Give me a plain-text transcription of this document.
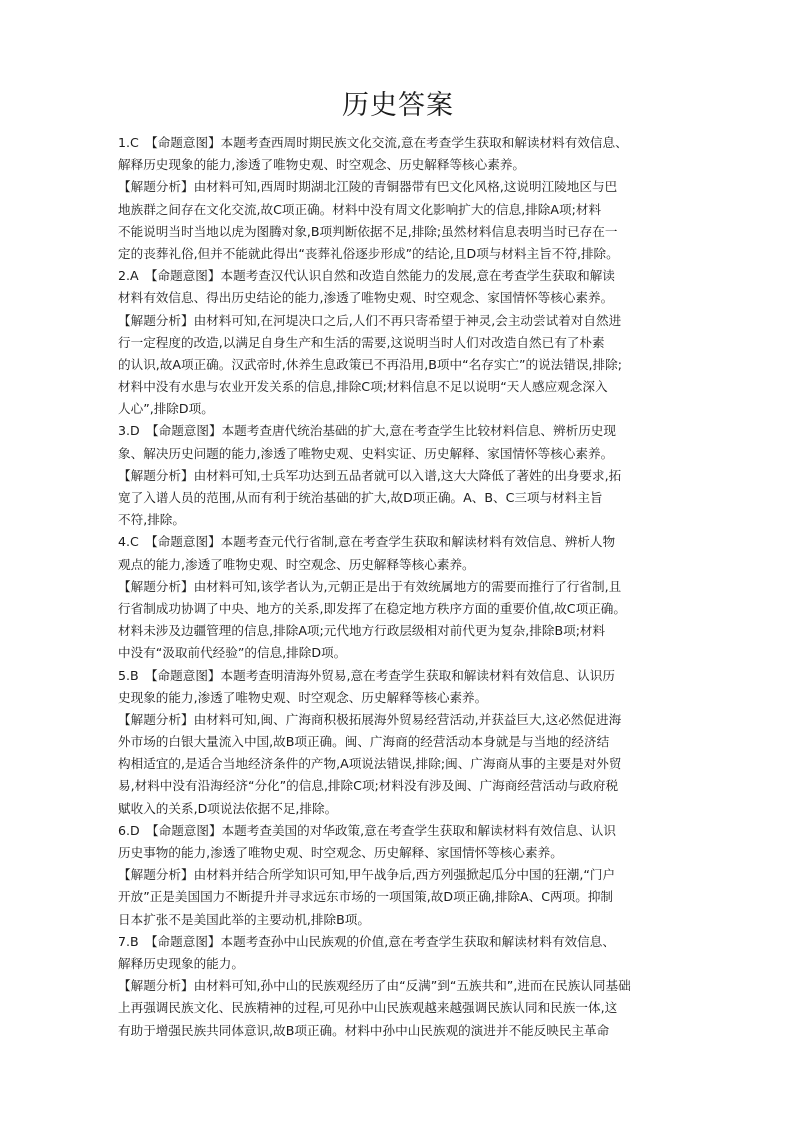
历史答案
1.C　【命题意图】本题考查西周时期民族文化交流,意在考查学生获取和解读材料有效信息、
解释历史现象的能力,渗透了唯物史观、时空观念、历史解释等核心素养。
【解题分析】由材料可知,西周时期湖北江陵的青铜器带有巴文化风格,这说明江陵地区与巴
地族群之间存在文化交流,故C项正确。材料中没有周文化影响扩大的信息,排除A项;材料
不能说明当时当地以虎为图腾对象,B项判断依据不足,排除;虽然材料信息表明当时已存在一
定的丧葬礼俗,但并不能就此得出“丧葬礼俗逐步形成”的结论,且D项与材料主旨不符,排除。
2.A　【命题意图】本题考查汉代认识自然和改造自然能力的发展,意在考查学生获取和解读
材料有效信息、得出历史结论的能力,渗透了唯物史观、时空观念、家国情怀等核心素养。
【解题分析】由材料可知,在河堤决口之后,人们不再只寄希望于神灵,会主动尝试着对自然进
行一定程度的改造,以满足自身生产和生活的需要,这说明当时人们对改造自然已有了朴素
的认识,故A项正确。汉武帝时,休养生息政策已不再沿用,B项中“名存实亡”的说法错误,排除;
材料中没有水患与农业开发关系的信息,排除C项;材料信息不足以说明“天人感应观念深入
人心”,排除D项。
3.D　【命题意图】本题考查唐代统治基础的扩大,意在考查学生比较材料信息、辨析历史现
象、解决历史问题的能力,渗透了唯物史观、史料实证、历史解释、家国情怀等核心素养。
【解题分析】由材料可知,士兵军功达到五品者就可以入谱,这大大降低了著姓的出身要求,拓
宽了入谱人员的范围,从而有利于统治基础的扩大,故D项正确。A、B、C三项与材料主旨
不符,排除。
4.C　【命题意图】本题考查元代行省制,意在考查学生获取和解读材料有效信息、辨析人物
观点的能力,渗透了唯物史观、时空观念、历史解释等核心素养。
【解题分析】由材料可知,该学者认为,元朝正是出于有效统属地方的需要而推行了行省制,且
行省制成功协调了中央、地方的关系,即发挥了在稳定地方秩序方面的重要价值,故C项正确。
材料未涉及边疆管理的信息,排除A项;元代地方行政层级相对前代更为复杂,排除B项;材料
中没有“汲取前代经验”的信息,排除D项。
5.B　【命题意图】本题考查明清海外贸易,意在考查学生获取和解读材料有效信息、认识历
史现象的能力,渗透了唯物史观、时空观念、历史解释等核心素养。
【解题分析】由材料可知,闽、广海商积极拓展海外贸易经营活动,并获益巨大,这必然促进海
外市场的白银大量流入中国,故B项正确。闽、广海商的经营活动本身就是与当地的经济结
构相适宜的,是适合当地经济条件的产物,A项说法错误,排除;闽、广海商从事的主要是对外贸
易,材料中没有沿海经济“分化”的信息,排除C项;材料没有涉及闽、广海商经营活动与政府税
赋收入的关系,D项说法依据不足,排除。
6.D　【命题意图】本题考查美国的对华政策,意在考查学生获取和解读材料有效信息、认识
历史事物的能力,渗透了唯物史观、时空观念、历史解释、家国情怀等核心素养。
【解题分析】由材料并结合所学知识可知,甲午战争后,西方列强掀起瓜分中国的狂潮,“门户
开放”正是美国国力不断提升并寻求远东市场的一项国策,故D项正确,排除A、C两项。抑制
日本扩张不是美国此举的主要动机,排除B项。
7.B　【命题意图】本题考查孙中山民族观的价值,意在考查学生获取和解读材料有效信息、
解释历史现象的能力。
【解题分析】由材料可知,孙中山的民族观经历了由“反满”到“五族共和”,进而在民族认同基础
上再强调民族文化、民族精神的过程,可见孙中山民族观越来越强调民族认同和民族一体,这
有助于增强民族共同体意识,故B项正确。材料中孙中山民族观的演进并不能反映民主革命
